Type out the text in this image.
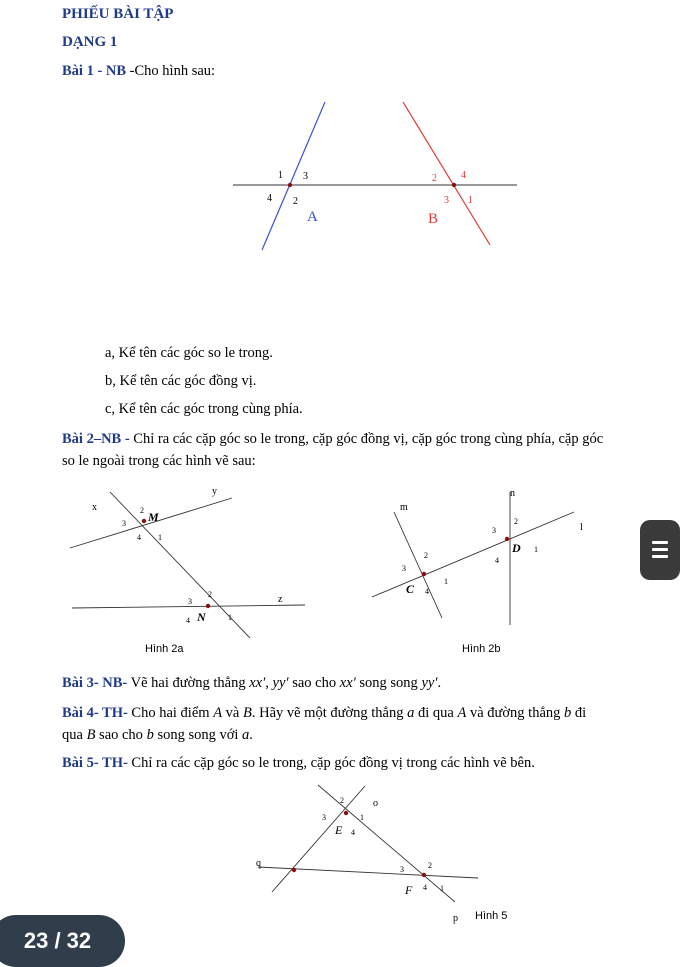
PHIẾU BÀI TẬP
DẠNG 1
Bài 1 - NB -Cho hình sau:
1 3
4 2
A
2 4
3 1
B
a, Kể tên các góc so le trong.
b, Kể tên các góc đồng vị.
c, Kể tên các góc trong cùng phía.
Bài 2–NB - Chỉ ra các cặp góc so le trong, cặp góc đồng vị, cặp góc trong cùng phía, cặp góc
so le ngoài trong các hình vẽ sau:
x
y
z
M
2
3
4 1
3
2
4	1
N
Hình 2a
m
n
l
2
3
1
4
C
3
2
4
1
D
Hình 2b
Bài 3- NB- Vẽ hai đường thẳng xx′, yy′ sao cho xx′ song song yy′.
Bài 4- TH- Cho hai điểm A và B. Hãy vẽ một đường thẳng a đi qua A và đường thẳng b đi
qua B sao cho b song song với a.
Bài 5- TH- Chỉ ra các cặp góc so le trong, cặp góc đồng vị trong các hình vẽ bên.
o
q
p
2
3	1
4
E
3	2
4 1
F
Hình 5
23 / 32
